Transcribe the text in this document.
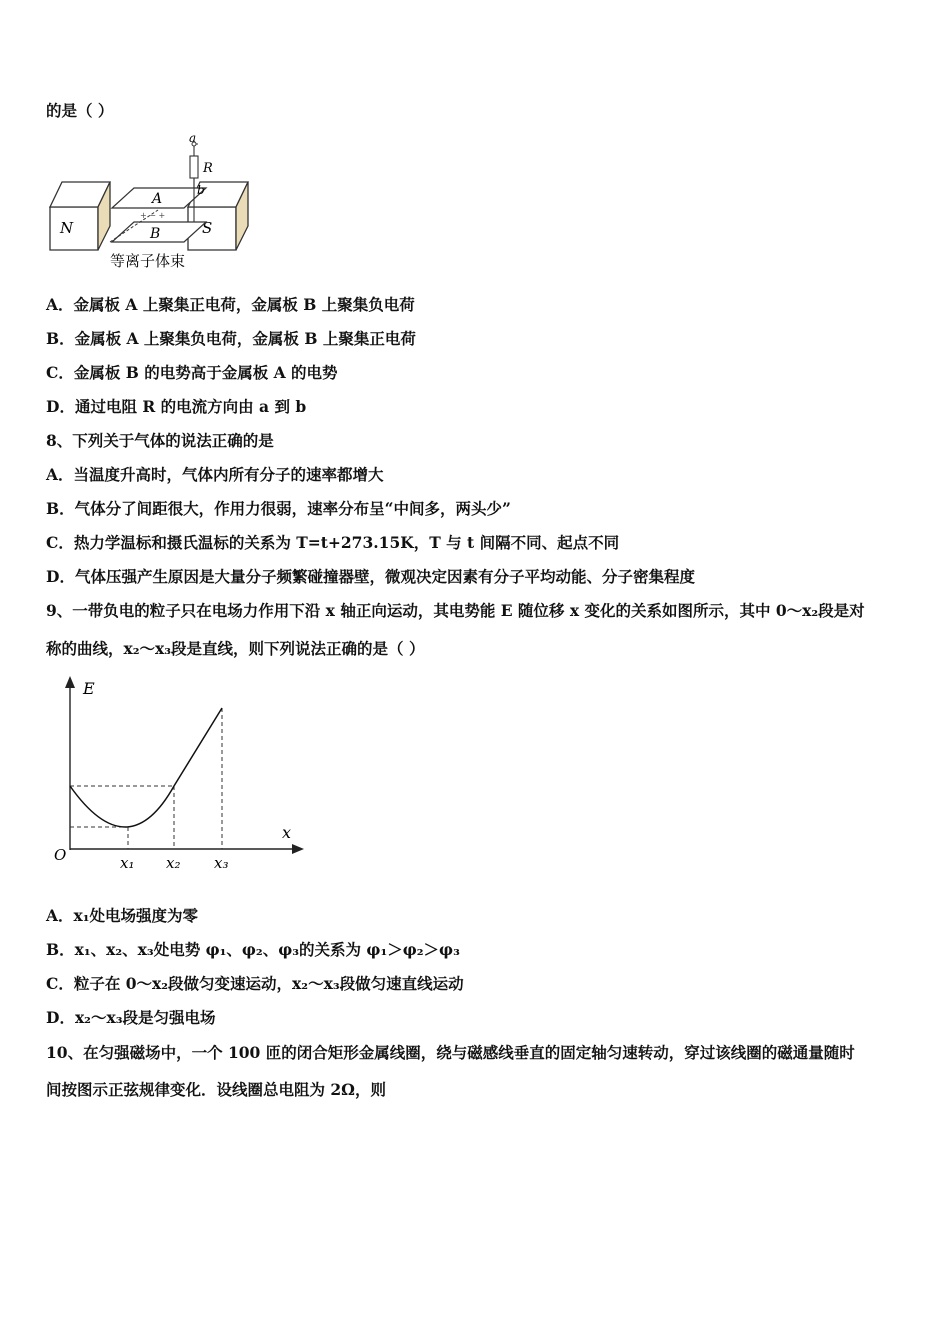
的是（ ）
N	S
A
B
+ − +
a
R
b
等离子体束
A．金属板 A 上聚集正电荷，金属板 B 上聚集负电荷
B．金属板 A 上聚集负电荷，金属板 B 上聚集正电荷
C．金属板 B 的电势高于金属板 A 的电势
D．通过电阻 R 的电流方向由 a 到 b
8、下列关于气体的说法正确的是
A．当温度升高时，气体内所有分子的速率都增大
B．气体分了间距很大，作用力很弱，速率分布呈“中间多，两头少”
C．热力学温标和摄氏温标的关系为 T=t+273.15K，T 与 t 间隔不同、起点不同
D．气体压强产生原因是大量分子频繁碰撞器壁，微观决定因素有分子平均动能、分子密集程度
9、一带负电的粒子只在电场力作用下沿 x 轴正向运动，其电势能 E 随位移 x 变化的关系如图所示，其中 0～x₂段是对
称的曲线，x₂～x₃段是直线，则下列说法正确的是（ ）
E
x
O	x₁ x₂ x₃
A．x₁处电场强度为零
B．x₁、x₂、x₃处电势 φ₁、φ₂、φ₃的关系为 φ₁＞φ₂＞φ₃
C．粒子在 0～x₂段做匀变速运动，x₂～x₃段做匀速直线运动
D．x₂～x₃段是匀强电场
10、在匀强磁场中，一个 100 匝的闭合矩形金属线圈，绕与磁感线垂直的固定轴匀速转动，穿过该线圈的磁通量随时
间按图示正弦规律变化．设线圈总电阻为 2Ω，则
